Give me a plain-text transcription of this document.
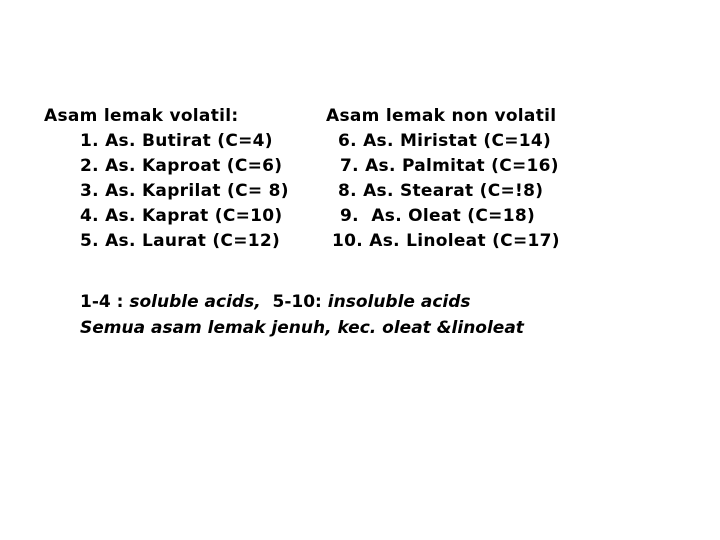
Asam lemak volatil:
1. As. Butirat (C=4)
2. As. Kaproat (C=6)
3. As. Kaprilat (C= 8)
4. As. Kaprat (C=10)
5. As. Laurat (C=12)
Asam lemak non volatil
6. As. Miristat (C=14)
7. As. Palmitat (C=16)
8. As. Stearat (C=!8)
9.  As. Oleat (C=18)
10. As. Linoleat (C=17)
1-4 : soluble acids,  5-10: insoluble acids
Semua asam lemak jenuh, kec. oleat &linoleat
